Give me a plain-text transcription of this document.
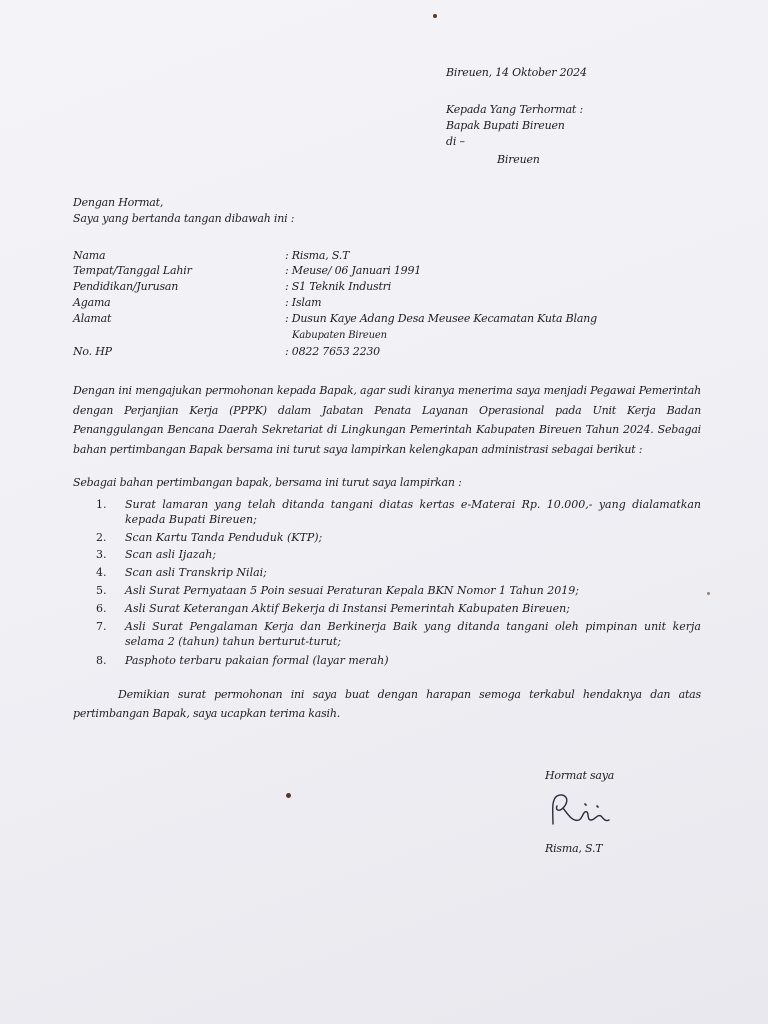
Bireuen, 14 Oktober 2024
Kepada Yang Terhormat :
Bapak Bupati Bireuen
di –
Bireuen
Dengan Hormat,
Saya yang bertanda tangan dibawah ini :
Nama	: Risma, S.T
Tempat/Tanggal Lahir	: Meuse/ 06 Januari 1991
Pendidikan/Jurusan	: S1 Teknik Industri
Agama	: Islam
Alamat	: Dusun Kaye Adang Desa Meusee Kecamatan Kuta Blang
Kabupaten Bireuen
No. HP	: 0822 7653 2230
Dengan ini mengajukan permohonan kepada Bapak, agar sudi kiranya menerima saya menjadi Pegawai Pemerintah dengan Perjanjian Kerja (PPPK) dalam Jabatan Penata Layanan Operasional pada Unit Kerja Badan Penanggulangan Bencana Daerah Sekretariat di Lingkungan Pemerintah Kabupaten Bireuen Tahun 2024. Sebagai bahan pertimbangan Bapak bersama ini turut saya lampirkan kelengkapan administrasi sebagai berikut :
Sebagai bahan pertimbangan bapak, bersama ini turut saya lampirkan :
1.	Surat lamaran yang telah ditanda tangani diatas kertas e-Materai Rp. 10.000,- yang dialamatkan kepada Bupati Bireuen;
2.	Scan Kartu Tanda Penduduk (KTP);
3.	Scan asli Ijazah;
4.	Scan asli Transkrip Nilai;
5.	Asli Surat Pernyataan 5 Poin sesuai Peraturan Kepala BKN Nomor 1 Tahun 2019;
6.	Asli Surat Keterangan Aktif Bekerja di Instansi Pemerintah Kabupaten Bireuen;
7.	Asli Surat Pengalaman Kerja dan Berkinerja Baik yang ditanda tangani oleh pimpinan unit kerja selama 2 (tahun) tahun berturut-turut;
8.	Pasphoto terbaru pakaian formal (layar merah)
Demikian surat permohonan ini saya buat dengan harapan semoga terkabul hendaknya dan atas pertimbangan Bapak, saya ucapkan terima kasih.
Hormat saya
Risma, S.T
